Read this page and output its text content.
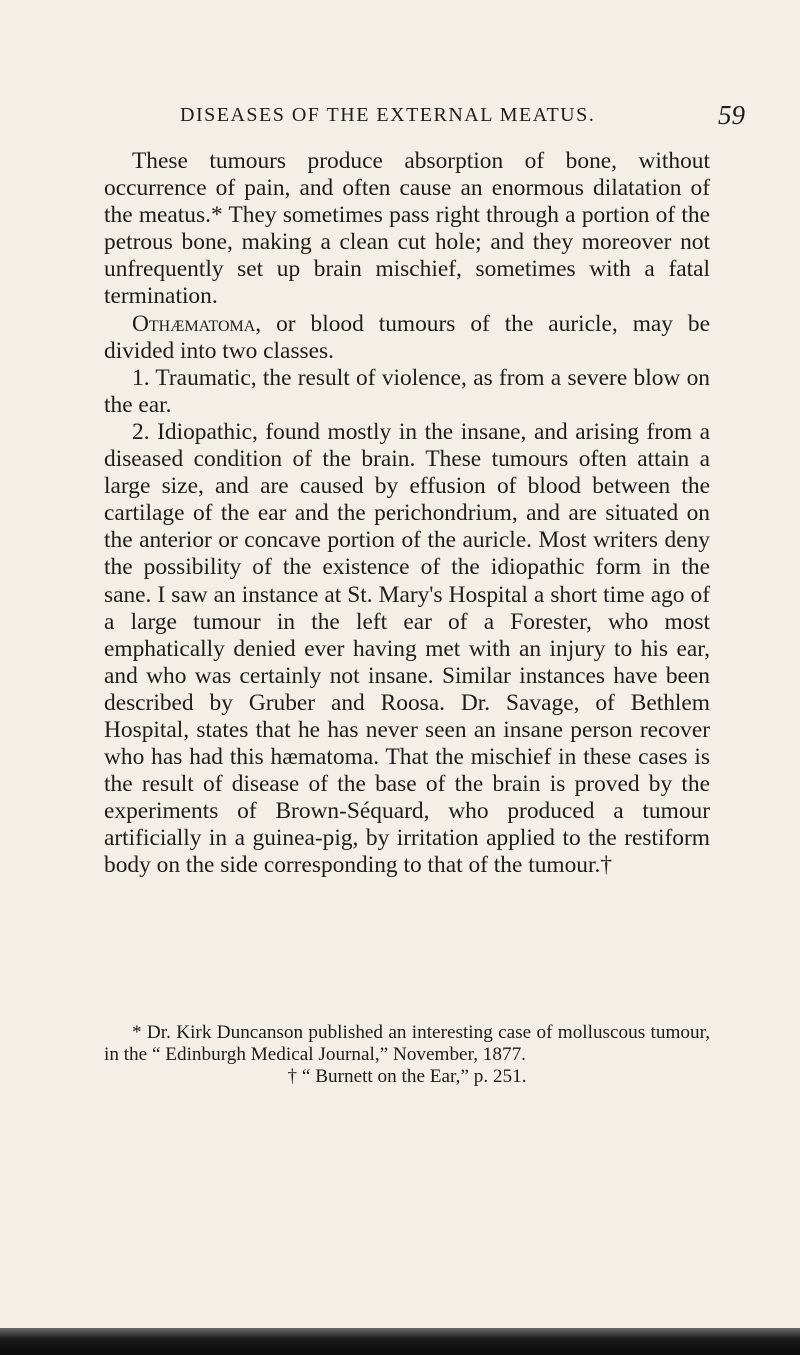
DISEASES OF THE EXTERNAL MEATUS.	59

These tumours produce absorption of bone, without occurrence of pain, and often cause an enormous dilatation of the meatus.* They sometimes pass right through a portion of the petrous bone, making a clean cut hole; and they moreover not unfrequently set up brain mischief, sometimes with a fatal termination.

Othæmatoma, or blood tumours of the auricle, may be divided into two classes.

1. Traumatic, the result of violence, as from a severe blow on the ear.

2. Idiopathic, found mostly in the insane, and arising from a diseased condition of the brain. These tumours often attain a large size, and are caused by effusion of blood between the cartilage of the ear and the perichondrium, and are situated on the anterior or concave portion of the auricle. Most writers deny the possibility of the existence of the idiopathic form in the sane. I saw an instance at St. Mary's Hospital a short time ago of a large tumour in the left ear of a Forester, who most emphatically denied ever having met with an injury to his ear, and who was certainly not insane. Similar instances have been described by Gruber and Roosa. Dr. Savage, of Bethlem Hospital, states that he has never seen an insane person recover who has had this hæmatoma. That the mischief in these cases is the result of disease of the base of the brain is proved by the experiments of Brown-Séquard, who produced a tumour artificially in a guinea-pig, by irritation applied to the restiform body on the side corresponding to that of the tumour.†

* Dr. Kirk Duncanson published an interesting case of molluscous tumour, in the “ Edinburgh Medical Journal,” November, 1877.

† “ Burnett on the Ear,” p. 251.
